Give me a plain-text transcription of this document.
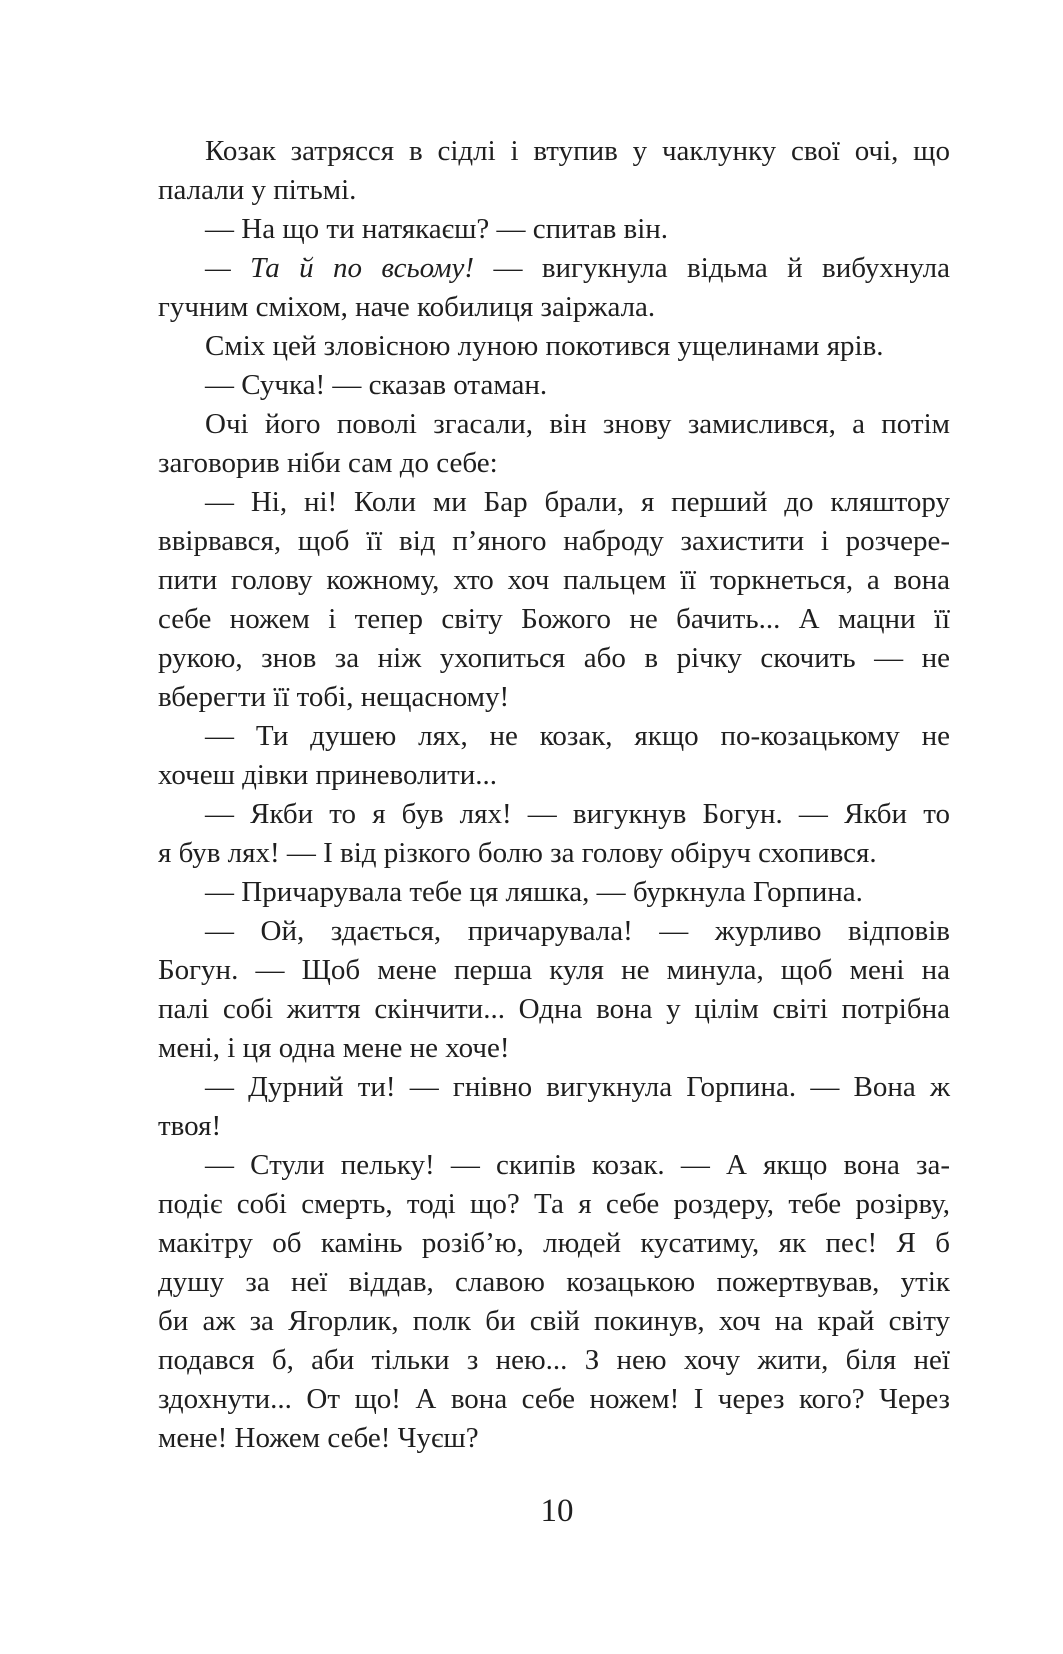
Козак затрясся в сідлі і втупив у чаклунку свої очі, що
палали у пітьмі.
— На що ти натякаєш? — спитав він.
— Та й по всьому! — вигукнула відьма й вибухнула
гучним сміхом, наче кобилиця заіржала.
Сміх цей зловісною луною покотився ущелинами ярів.
— Сучка! — сказав отаман.
Очі його поволі згасали, він знову замислився, а потім
заговорив ніби сам до себе:
— Ні, ні! Коли ми Бар брали, я перший до кляштору
ввірвався, щоб її від п’яного наброду захистити і розчере-
пити голову кожному, хто хоч пальцем її торкнеться, а вона
себе ножем і тепер світу Божого не бачить... А мацни її
рукою, знов за ніж ухопиться або в річку скочить — не
вберегти її тобі, нещасному!
— Ти душею лях, не козак, якщо по-козацькому не
хочеш дівки приневолити...
— Якби то я був лях! — вигукнув Богун. — Якби то
я був лях! — І від різкого болю за голову обіруч схопився.
— Причарувала тебе ця ляшка, — буркнула Горпина.
— Ой, здається, причарувала! — журливо відповів
Богун. — Щоб мене перша куля не минула, щоб мені на
палі собі життя скінчити... Одна вона у цілім світі потрібна
мені, і ця одна мене не хоче!
— Дурний ти! — гнівно вигукнула Горпина. — Вона ж
твоя!
— Стули пельку! — скипів козак. — А якщо вона за-
подіє собі смерть, тоді що? Та я себе роздеру, тебе розірву,
макітру об камінь розіб’ю, людей кусатиму, як пес! Я б
душу за неї віддав, славою козацькою пожертвував, утік
би аж за Ягорлик, полк би свій покинув, хоч на край світу
подався б, аби тільки з нею... З нею хочу жити, біля неї
здохнути... От що! А вона себе ножем! І через кого? Через
мене! Ножем себе! Чуєш?
10
